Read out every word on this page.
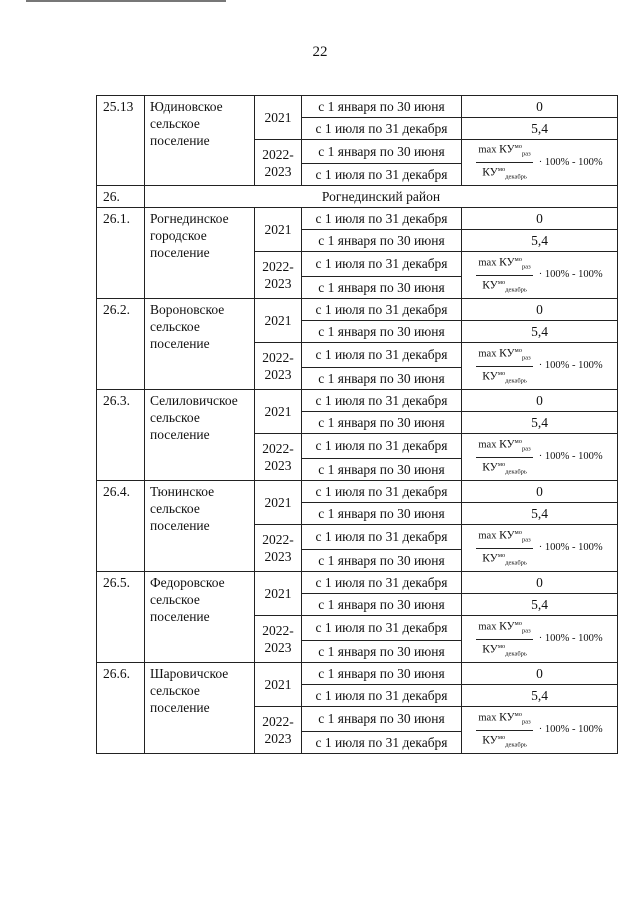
22
25.13	Юдиновское сельское поселение	2021	с 1 января по 30 июня	0
			с 1 июля по 31 декабря	5,4
		2022-2023	с 1 января по 30 июня	$\frac{\max КУ^{мо}_{раз}}{КУ^{мо}_{декабрь}} \cdot 100\% - 100\%$

			с 1 июля по 31 декабря	
26.	Рогнединский район			
26.1.	Рогнединское городское поселение	2021	с 1 июля по 31 декабря	0
			с 1 января по 30 июня	5,4
		2022-2023	с 1 июля по 31 декабря	$\frac{\max КУ^{мо}_{раз}}{КУ^{мо}_{декабрь}} \cdot 100\% - 100\%$

			с 1 января по 30 июня	
26.2.	Вороновское сельское поселение	2021	с 1 июля по 31 декабря	0
			с 1 января по 30 июня	5,4
		2022-2023	с 1 июля по 31 декабря	$\frac{\max КУ^{мо}_{раз}}{КУ^{мо}_{декабрь}} \cdot 100\% - 100\%$

			с 1 января по 30 июня	
26.3.	Селиловичское сельское поселение	2021	с 1 июля по 31 декабря	0
			с 1 января по 30 июня	5,4
		2022-2023	с 1 июля по 31 декабря	$\frac{\max КУ^{мо}_{раз}}{КУ^{мо}_{декабрь}} \cdot 100\% - 100\%$

			с 1 января по 30 июня	
26.4.	Тюнинское сельское поселение	2021	с 1 июля по 31 декабря	0
			с 1 января по 30 июня	5,4
		2022-2023	с 1 июля по 31 декабря	$\frac{\max КУ^{мо}_{раз}}{КУ^{мо}_{декабрь}} \cdot 100\% - 100\%$

			с 1 января по 30 июня	
26.5.	Федоровское сельское поселение	2021	с 1 июля по 31 декабря	0
			с 1 января по 30 июня	5,4
		2022-2023	с 1 июля по 31 декабря	$\frac{\max КУ^{мо}_{раз}}{КУ^{мо}_{декабрь}} \cdot 100\% - 100\%$

			с 1 января по 30 июня	
26.6.	Шаровичское сельское поселение	2021	с 1 января по 30 июня	0
			с 1 июля по 31 декабря	5,4
		2022-2023	с 1 января по 30 июня	$\frac{\max КУ^{мо}_{раз}}{КУ^{мо}_{декабрь}} \cdot 100\% - 100\%$

			с 1 июля по 31 декабря	
